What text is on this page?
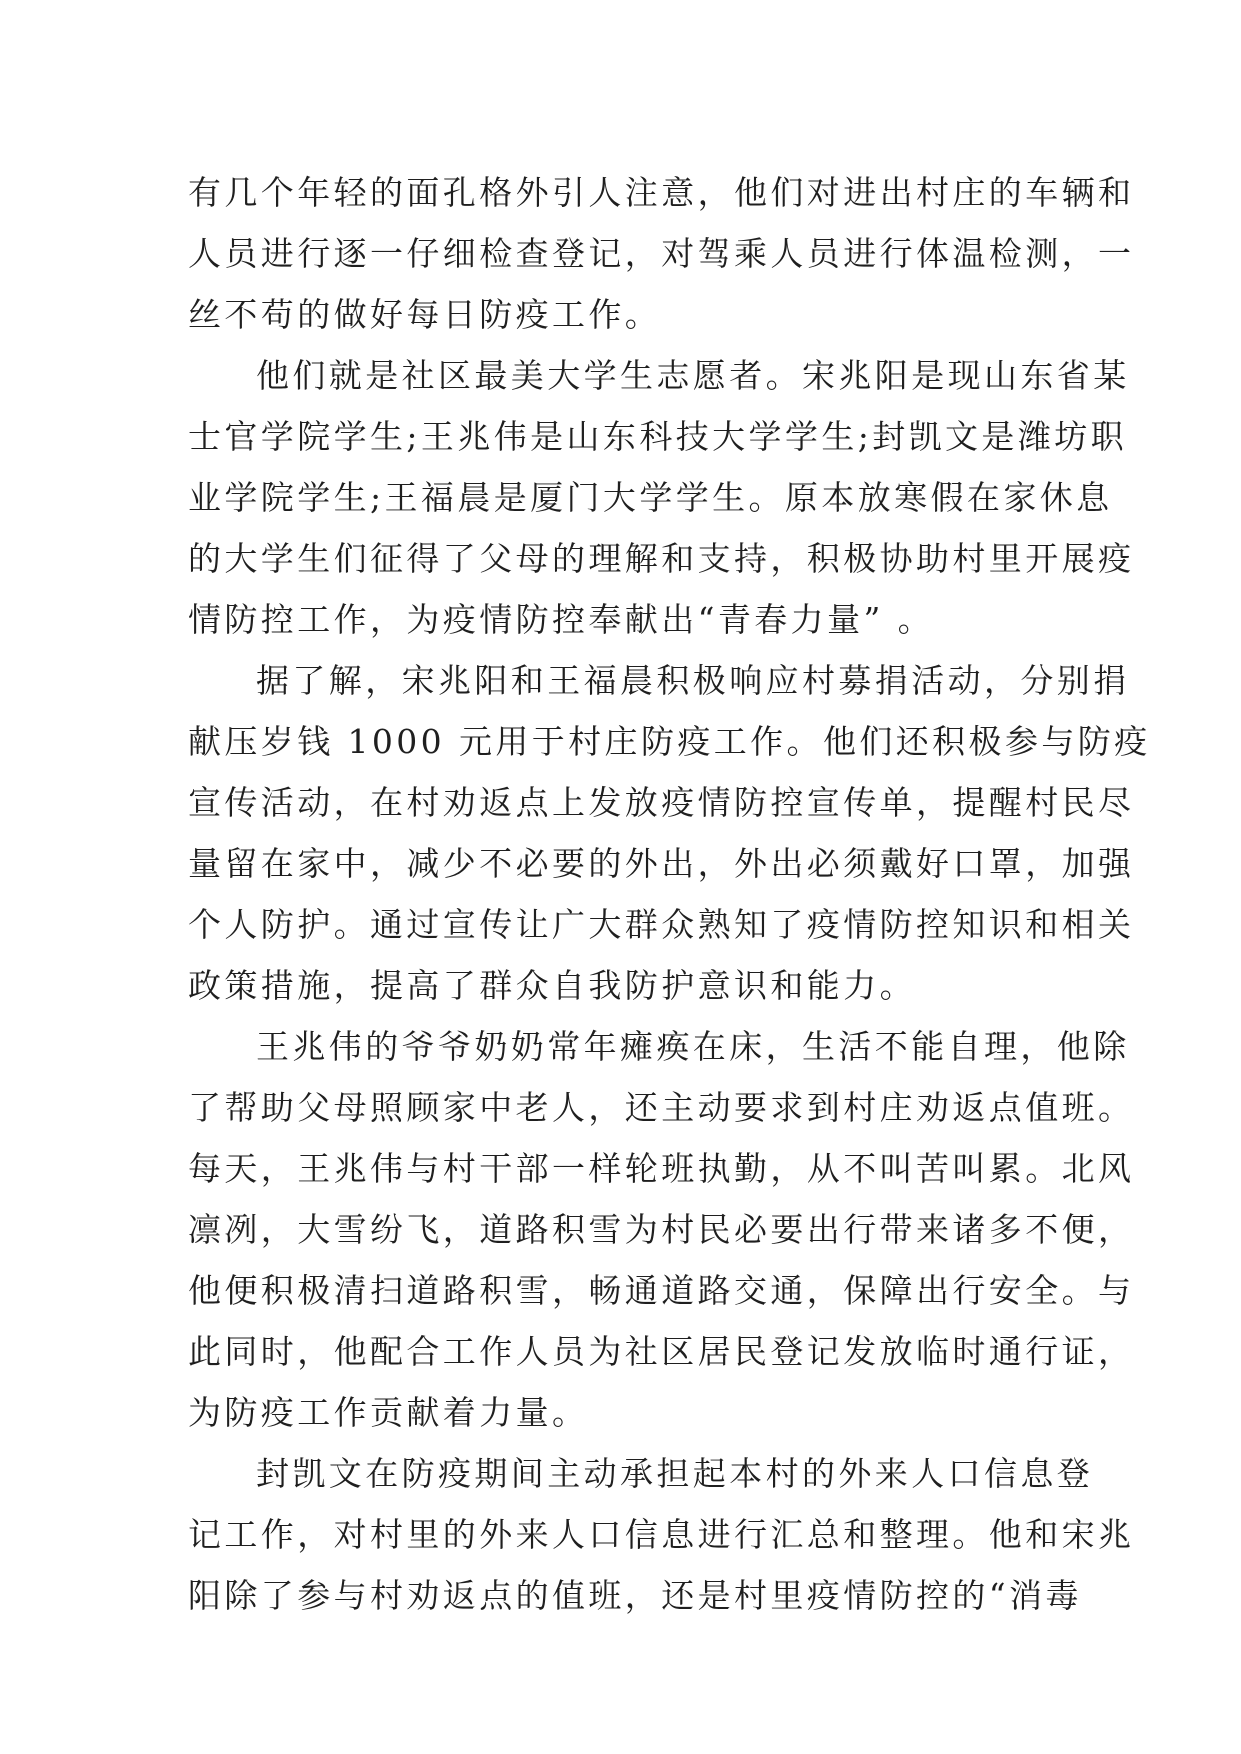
有几个年轻的面孔格外引人注意，他们对进出村庄的车辆和
人员进行逐一仔细检查登记，对驾乘人员进行体温检测，一
丝不苟的做好每日防疫工作。
他们就是社区最美大学生志愿者。宋兆阳是现山东省某
士官学院学生;王兆伟是山东科技大学学生;封凯文是潍坊职
业学院学生;王福晨是厦门大学学生。原本放寒假在家休息
的大学生们征得了父母的理解和支持，积极协助村里开展疫
情防控工作，为疫情防控奉献出“青春力量” 。
据了解，宋兆阳和王福晨积极响应村募捐活动，分别捐
献压岁钱 1000 元用于村庄防疫工作。他们还积极参与防疫
宣传活动，在村劝返点上发放疫情防控宣传单，提醒村民尽
量留在家中，减少不必要的外出，外出必须戴好口罩，加强
个人防护。通过宣传让广大群众熟知了疫情防控知识和相关
政策措施，提高了群众自我防护意识和能力。
王兆伟的爷爷奶奶常年瘫痪在床，生活不能自理，他除
了帮助父母照顾家中老人，还主动要求到村庄劝返点值班。
每天，王兆伟与村干部一样轮班执勤，从不叫苦叫累。北风
凛冽，大雪纷飞，道路积雪为村民必要出行带来诸多不便，
他便积极清扫道路积雪，畅通道路交通，保障出行安全。与
此同时，他配合工作人员为社区居民登记发放临时通行证，
为防疫工作贡献着力量。
封凯文在防疫期间主动承担起本村的外来人口信息登
记工作，对村里的外来人口信息进行汇总和整理。他和宋兆
阳除了参与村劝返点的值班，还是村里疫情防控的“消毒
